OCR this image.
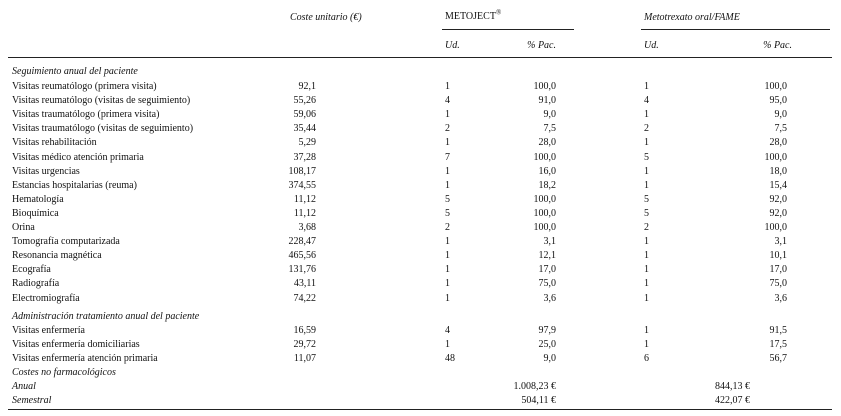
Coste unitario (€)	METOJECT®	Metotrexato oral/FAME
Ud.	% Pac.	Ud.	% Pac.
Seguimiento anual del paciente
Visitas reumatólogo (primera visita)	92,1	1	100,0	1	100,0
Visitas reumatólogo (visitas de seguimiento)	55,26	4	91,0	4	95,0
Visitas traumatólogo (primera visita)	59,06	1	9,0	1	9,0
Visitas traumatólogo (visitas de seguimiento)	35,44	2	7,5	2	7,5
Visitas rehabilitación	5,29	1	28,0	1	28,0
Visitas médico atención primaria	37,28	7	100,0	5	100,0
Visitas urgencias	108,17	1	16,0	1	18,0
Estancias hospitalarias (reuma)	374,55	1	18,2	1	15,4
Hematología	11,12	5	100,0	5	92,0
Bioquímica	11,12	5	100,0	5	92,0
Orina	3,68	2	100,0	2	100,0
Tomografía computarizada	228,47	1	3,1	1	3,1
Resonancia magnética	465,56	1	12,1	1	10,1
Ecografía	131,76	1	17,0	1	17,0
Radiografía	43,11	1	75,0	1	75,0
Electromiografía	74,22	1	3,6	1	3,6
Administración tratamiento anual del paciente
Visitas enfermería	16,59	4	97,9	1	91,5
Visitas enfermería domiciliarias	29,72	1	25,0	1	17,5
Visitas enfermería atención primaria	11,07	48	9,0	6	56,7
Costes no farmacológicos
Anual	1.008,23 €	844,13 €
Semestral	504,11 €	422,07 €
